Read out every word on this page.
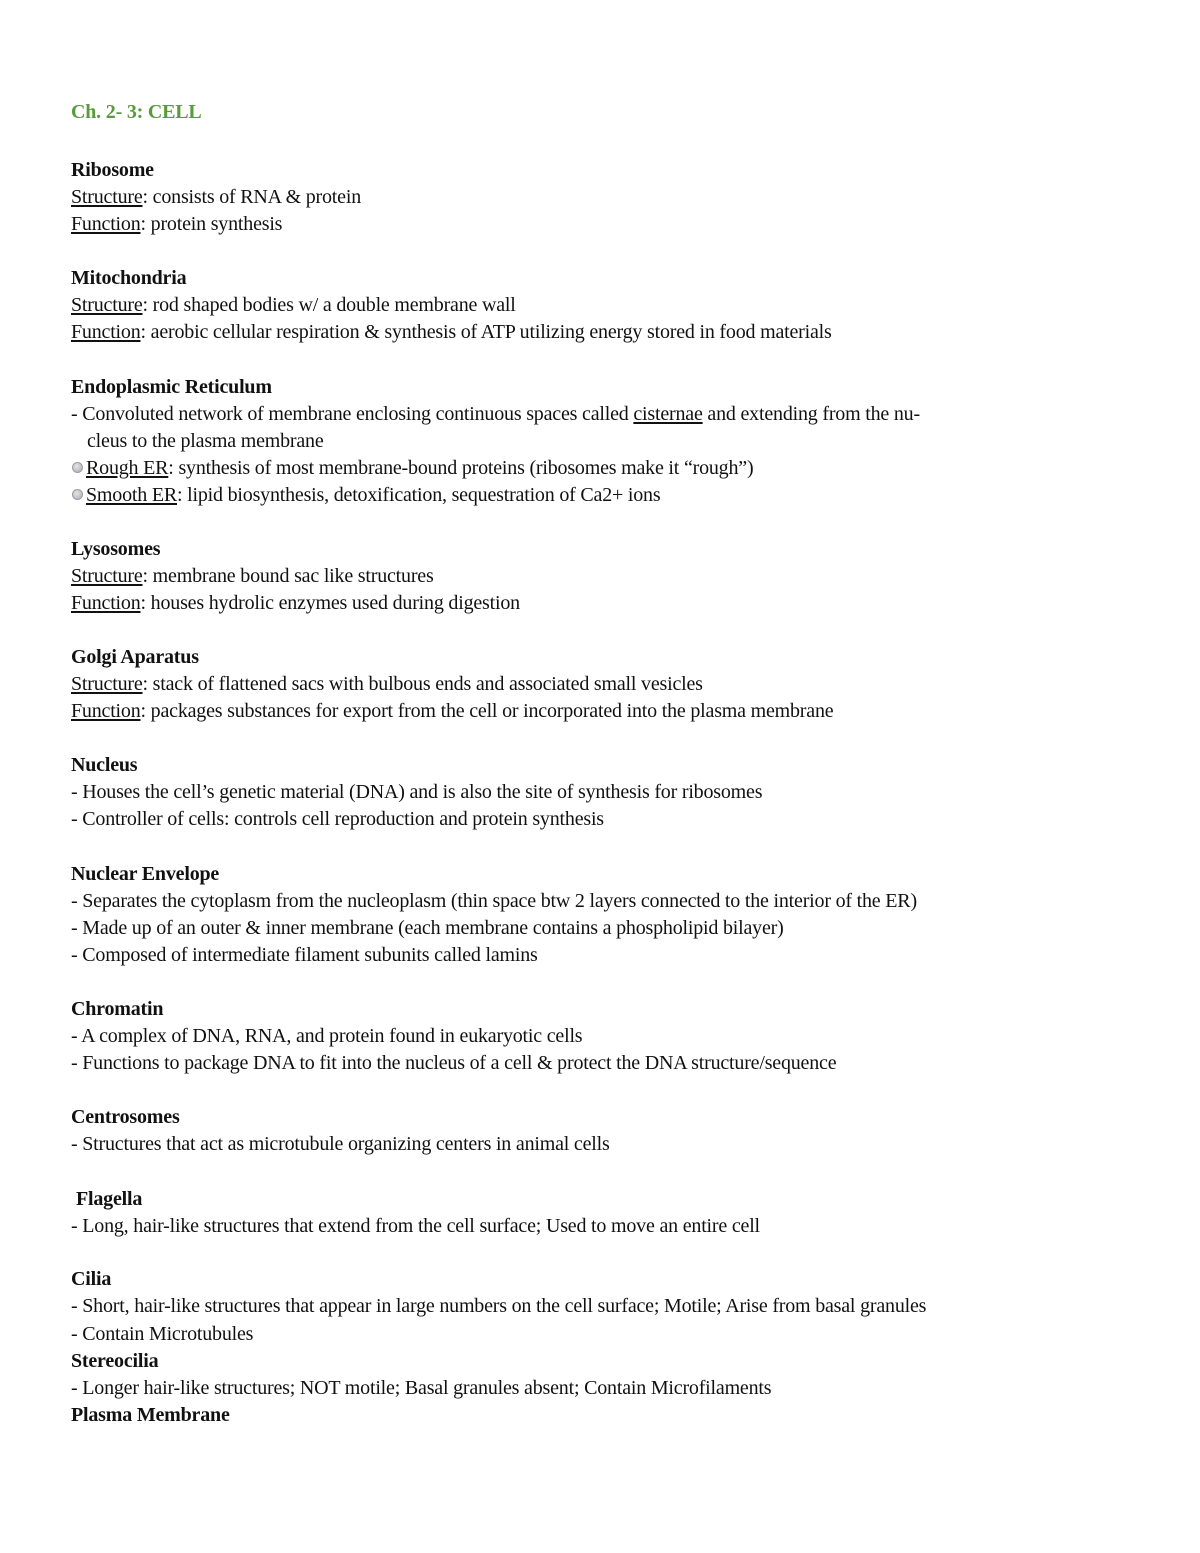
Ch. 2- 3: CELL

Ribosome

Structure: consists of RNA & protein

Function: protein synthesis

Mitochondria

Structure: rod shaped bodies w/ a double membrane wall

Function: aerobic cellular respiration & synthesis of ATP utilizing energy stored in food materials

Endoplasmic Reticulum

- Convoluted network of membrane enclosing continuous spaces called cisternae and extending from the nu-

cleus to the plasma membrane

Rough ER: synthesis of most membrane-bound proteins (ribosomes make it “rough”)

Smooth ER: lipid biosynthesis, detoxification, sequestration of Ca2+ ions

Lysosomes

Structure: membrane bound sac like structures

Function: houses hydrolic enzymes used during digestion

Golgi Aparatus

Structure: stack of flattened sacs with bulbous ends and associated small vesicles

Function: packages substances for export from the cell or incorporated into the plasma membrane

Nucleus

- Houses the cell’s genetic material (DNA) and is also the site of synthesis for ribosomes

- Controller of cells: controls cell reproduction and protein synthesis

Nuclear Envelope

- Separates the cytoplasm from the nucleoplasm (thin space btw 2 layers connected to the interior of the ER)

- Made up of an outer & inner membrane (each membrane contains a phospholipid bilayer)

- Composed of intermediate filament subunits called lamins

Chromatin

- A complex of DNA, RNA, and protein found in eukaryotic cells

- Functions to package DNA to fit into the nucleus of a cell & protect the DNA structure/sequence

Centrosomes

- Structures that act as microtubule organizing centers in animal cells

Flagella

- Long, hair-like structures that extend from the cell surface; Used to move an entire cell

Cilia

- Short, hair-like structures that appear in large numbers on the cell surface; Motile; Arise from basal granules

- Contain Microtubules

Stereocilia

- Longer hair-like structures; NOT motile; Basal granules absent; Contain Microfilaments

Plasma Membrane
